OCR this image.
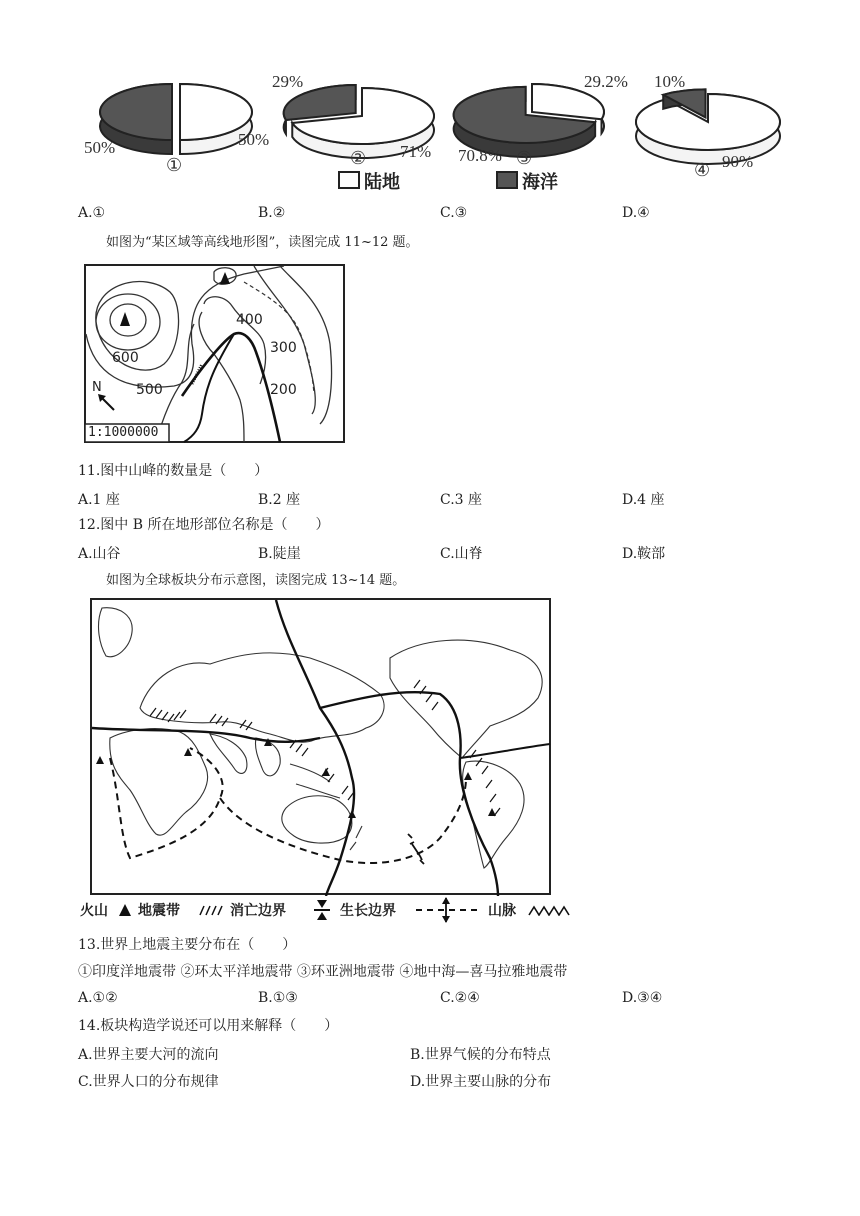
50%	50%
①
29%
71%
②
29.2%
70.8% ③
10%
90%
④
陆地	海洋
A.①	B.②	C.③	D.④
如图为“某区域等高线地形图”，读图完成 11~12 题。
400
300
600
500	200
N
1:1000000
11.图中山峰的数量是（　　）
A.1 座	B.2 座	C.3 座	D.4 座
12.图中 B 所在地形部位名称是（　　）
A.山谷	B.陡崖	C.山脊	D.鞍部
如图为全球板块分布示意图，读图完成 13~14 题。
火山 地震带	消亡边界	生长边界	山脉
13.世界上地震主要分布在（　　）
①印度洋地震带 ②环太平洋地震带 ③环亚洲地震带 ④地中海—喜马拉雅地震带
A.①②	B.①③	C.②④	D.③④
14.板块构造学说还可以用来解释（　　）
A.世界主要大河的流向	B.世界气候的分布特点
C.世界人口的分布规律	D.世界主要山脉的分布
